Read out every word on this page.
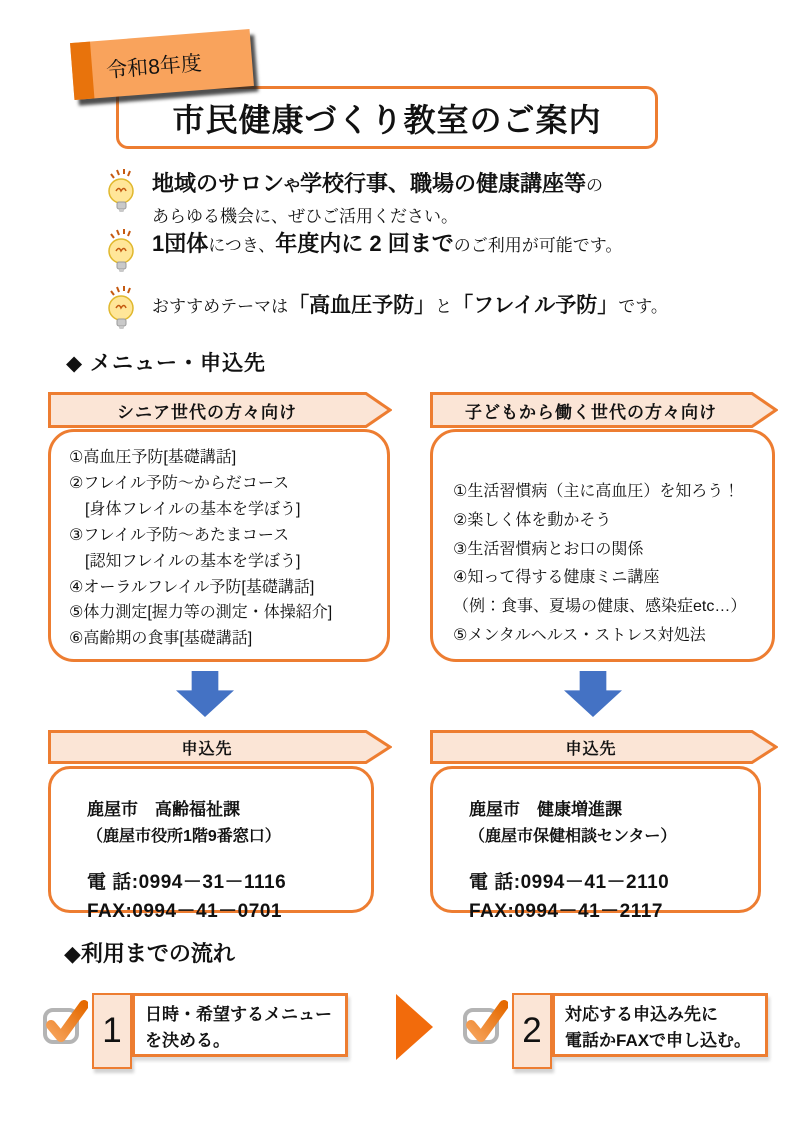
令和8年度
市民健康づくり教室のご案内
地域のサロンや学校行事、職場の健康講座等の
あらゆる機会に、ぜひご活用ください。
1団体につき、年度内に 2 回までのご利用が可能です。
おすすめテーマは「高血圧予防」と「フレイル予防」です。
◆ メニュー・申込先
シニア世代の方々向け	子どもから働く世代の方々向け
①高血圧予防[基礎講話]
②フレイル予防～からだコース
　[身体フレイルの基本を学ぼう]
③フレイル予防～あたまコース
　[認知フレイルの基本を学ぼう]
④オーラルフレイル予防[基礎講話]
⑤体力測定[握力等の測定・体操紹介]
⑥高齢期の食事[基礎講話]
①生活習慣病（主に高血圧）を知ろう！
②楽しく体を動かそう
③生活習慣病とお口の関係
④知って得する健康ミニ講座
（例：食事、夏場の健康、感染症etc…）
⑤メンタルヘルス・ストレス対処法
申込先	申込先
鹿屋市　高齢福祉課
（鹿屋市役所1階9番窓口）
電 話:0994－31－1116
FAX:0994－41－0701
鹿屋市　健康増進課
（鹿屋市保健相談センター）
電 話:0994－41－2110
FAX:0994－41－2117
◆利用までの流れ
1 日時・希望するメニュー
を決める。	2 対応する申込み先に
電話かFAXで申し込む。
